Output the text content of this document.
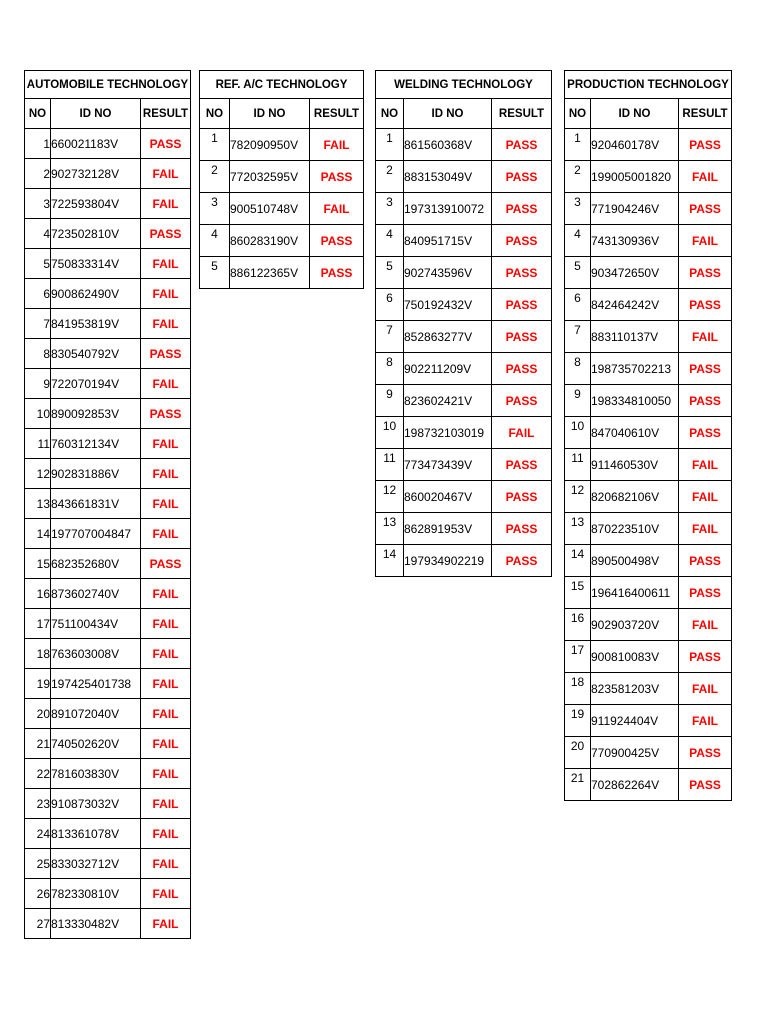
AUTOMOBILE TECHNOLOGY		
NO	ID NO	RESULT
1	660021183V	PASS
2	902732128V	FAIL
3	722593804V	FAIL
4	723502810V	PASS
5	750833314V	FAIL
6	900862490V	FAIL
7	841953819V	FAIL
8	830540792V	PASS
9	722070194V	FAIL
10	890092853V	PASS
11	760312134V	FAIL
12	902831886V	FAIL
13	843661831V	FAIL
14	197707004847	FAIL
15	682352680V	PASS
16	873602740V	FAIL
17	751100434V	FAIL
18	763603008V	FAIL
19	197425401738	FAIL
20	891072040V	FAIL
21	740502620V	FAIL
22	781603830V	FAIL
23	910873032V	FAIL
24	813361078V	FAIL
25	833032712V	FAIL
26	782330810V	FAIL
27	813330482V	FAIL
REF. A/C TECHNOLOGY		
NO	ID NO	RESULT
1	782090950V	FAIL
2	772032595V	PASS
3	900510748V	FAIL
4	860283190V	PASS
5	886122365V	PASS
WELDING TECHNOLOGY		
NO	ID NO	RESULT
1	861560368V	PASS
2	883153049V	PASS
3	197313910072	PASS
4	840951715V	PASS
5	902743596V	PASS
6	750192432V	PASS
7	852863277V	PASS
8	902211209V	PASS
9	823602421V	PASS
10	198732103019	FAIL
11	773473439V	PASS
12	860020467V	PASS
13	862891953V	PASS
14	197934902219	PASS
PRODUCTION TECHNOLOGY		
NO	ID NO	RESULT
1	920460178V	PASS
2	199005001820	FAIL
3	771904246V	PASS
4	743130936V	FAIL
5	903472650V	PASS
6	842464242V	PASS
7	883110137V	FAIL
8	198735702213	PASS
9	198334810050	PASS
10	847040610V	PASS
11	911460530V	FAIL
12	820682106V	FAIL
13	870223510V	FAIL
14	890500498V	PASS
15	196416400611	PASS
16	902903720V	FAIL
17	900810083V	PASS
18	823581203V	FAIL
19	911924404V	FAIL
20	770900425V	PASS
21	702862264V	PASS
